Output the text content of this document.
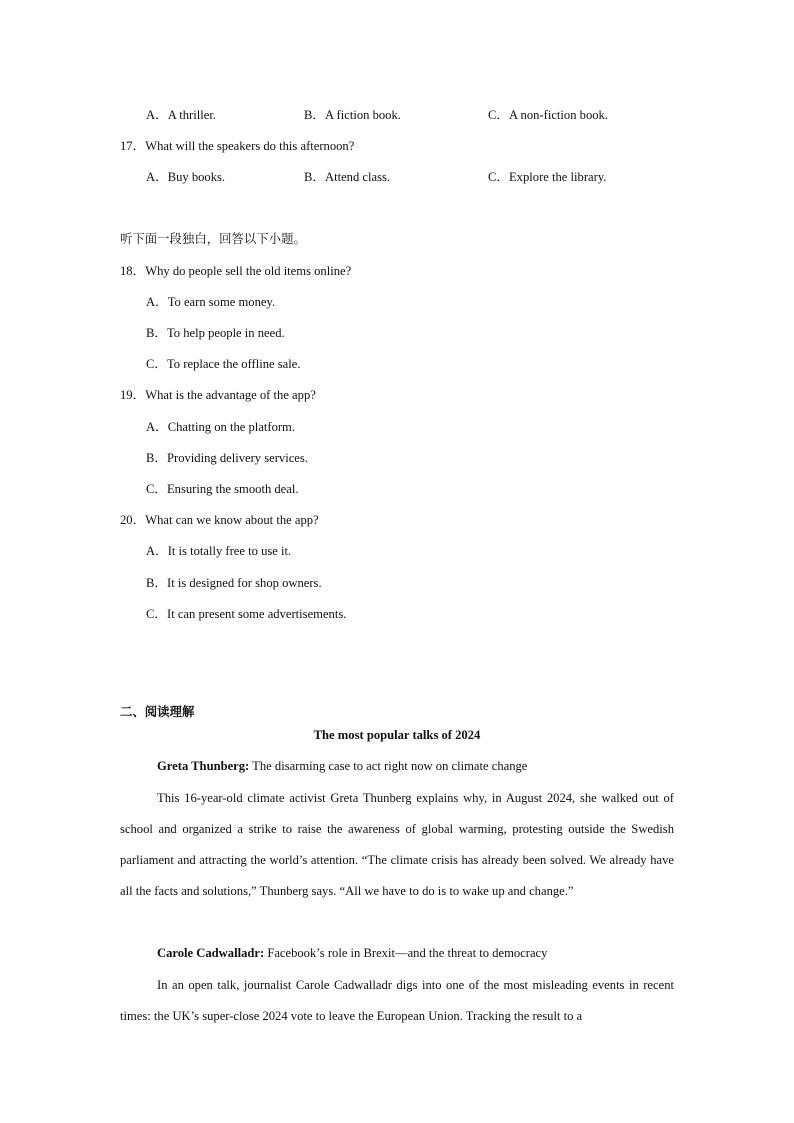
A．A thriller.	B．A fiction book.	C．A non-fiction book.
17．What will the speakers do this afternoon?
A．Buy books.	B．Attend class.	C．Explore the library.
听下面一段独白，回答以下小题。
18．Why do people sell the old items online?
A．To earn some money.
B．To help people in need.
C．To replace the offline sale.
19．What is the advantage of the app?
A．Chatting on the platform.
B．Providing delivery services.
C．Ensuring the smooth deal.
20．What can we know about the app?
A．It is totally free to use it.
B．It is designed for shop owners.
C．It can present some advertisements.
二、阅读理解
The most popular talks of 2024
Greta Thunberg: The disarming case to act right now on climate change
This 16-year-old climate activist Greta Thunberg explains why, in August 2024, she walked out of school and organized a strike to raise the awareness of global warming, protesting outside the Swedish parliament and attracting the world’s attention. “The climate crisis has already been solved. We already have all the facts and solutions,” Thunberg says. “All we have to do is to wake up and change.”
Carole Cadwalladr: Facebook’s role in Brexit—and the threat to democracy
In an open talk, journalist Carole Cadwalladr digs into one of the most misleading events in recent times: the UK’s super-close 2024 vote to leave the European Union. Tracking the result to a
